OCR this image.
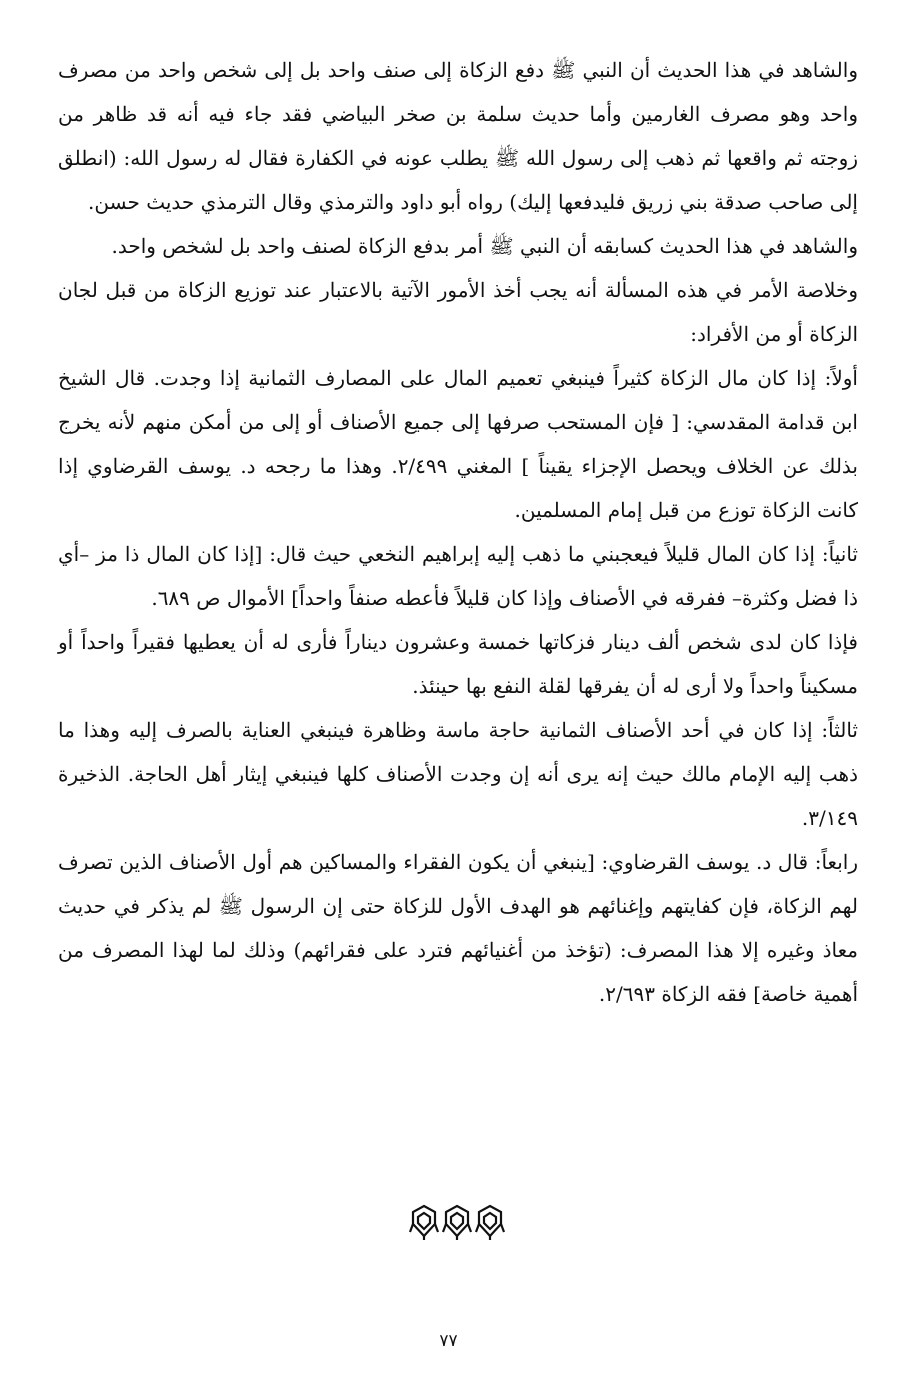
والشاهد في هذا الحديث أن النبي ﷺ دفع الزكاة إلى صنف واحد بل إلى شخص واحد من مصرف واحد وهو مصرف الغارمين وأما حديث سلمة بن صخر البياضي فقد جاء فيه أنه قد ظاهر من زوجته ثم واقعها ثم ذهب إلى رسول الله ﷺ يطلب عونه في الكفارة فقال له رسول الله: (انطلق إلى صاحب صدقة بني زريق فليدفعها إليك) رواه أبو داود والترمذي وقال الترمذي حديث حسن.

والشاهد في هذا الحديث كسابقه أن النبي ﷺ أمر بدفع الزكاة لصنف واحد بل لشخص واحد.

وخلاصة الأمر في هذه المسألة أنه يجب أخذ الأمور الآتية بالاعتبار عند توزيع الزكاة من قبل لجان الزكاة أو من الأفراد:

أولاً: إذا كان مال الزكاة كثيراً فينبغي تعميم المال على المصارف الثمانية إذا وجدت. قال الشيخ ابن قدامة المقدسي: [ فإن المستحب صرفها إلى جميع الأصناف أو إلى من أمكن منهم لأنه يخرج بذلك عن الخلاف ويحصل الإجزاء يقيناً ] المغني ٢/٤٩٩. وهذا ما رجحه د. يوسف القرضاوي إذا كانت الزكاة توزع من قبل إمام المسلمين.

ثانياً: إذا كان المال قليلاً فيعجبني ما ذهب إليه إبراهيم النخعي حيث قال: [إذا كان المال ذا مز –أي ذا فضل وكثرة– ففرقه في الأصناف وإذا كان قليلاً فأعطه صنفاً واحداً] الأموال ص ٦٨٩.

فإذا كان لدى شخص ألف دينار فزكاتها خمسة وعشرون ديناراً فأرى له أن يعطيها فقيراً واحداً أو مسكيناً واحداً ولا أرى له أن يفرقها لقلة النفع بها حينئذ.

ثالثاً: إذا كان في أحد الأصناف الثمانية حاجة ماسة وظاهرة فينبغي العناية بالصرف إليه وهذا ما ذهب إليه الإمام مالك حيث إنه يرى أنه إن وجدت الأصناف كلها فينبغي إيثار أهل الحاجة. الذخيرة ٣/١٤٩.

رابعاً: قال د. يوسف القرضاوي: [ينبغي أن يكون الفقراء والمساكين هم أول الأصناف الذين تصرف لهم الزكاة، فإن كفايتهم وإغنائهم هو الهدف الأول للزكاة حتى إن الرسول ﷺ لم يذكر في حديث معاذ وغيره إلا هذا المصرف: (تؤخذ من أغنيائهم فترد على فقرائهم) وذلك لما لهذا المصرف من أهمية خاصة] فقه الزكاة ٢/٦٩٣.

٧٧
